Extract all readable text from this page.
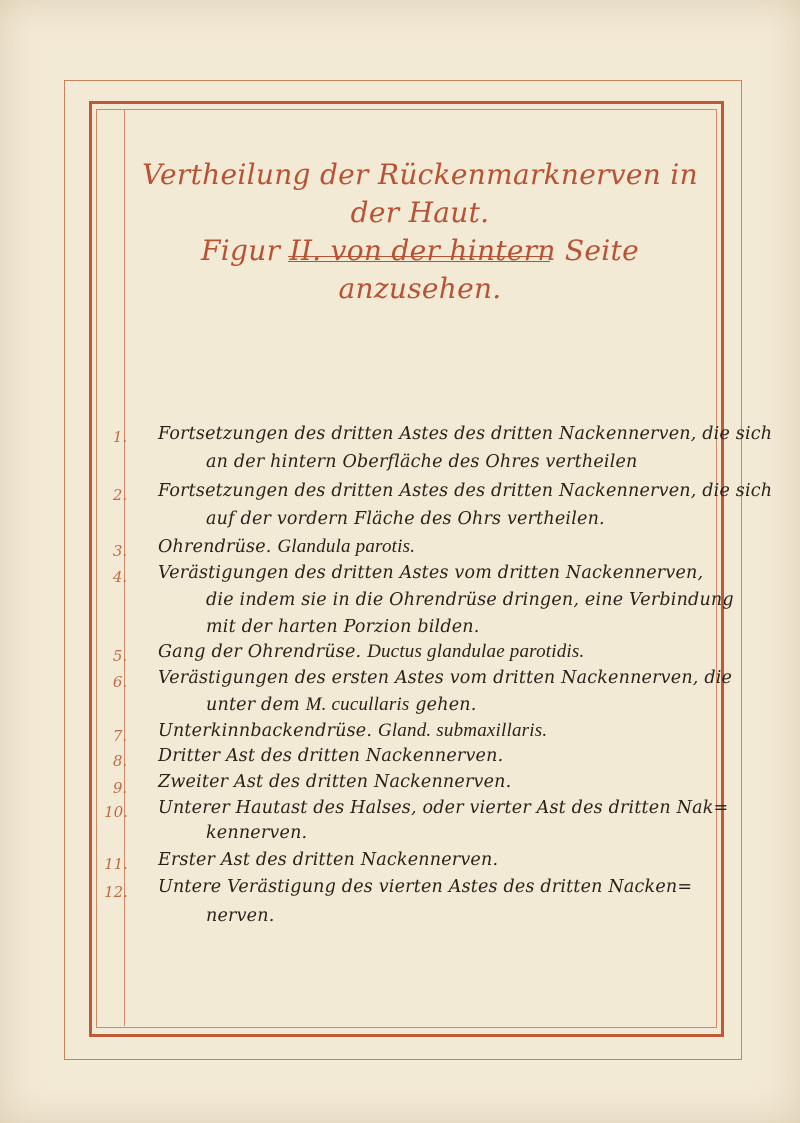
Vertheilung der Rückenmarknerven in der Haut.
Figur II. von der hintern Seite anzusehen.
1.	Fortsetzungen des dritten Astes des dritten Nackennerven, die sich
an der hintern Oberfläche des Ohres vertheilen
2.	Fortsetzungen des dritten Astes des dritten Nackennerven, die sich
auf der vordern Fläche des Ohrs vertheilen.
3.	Ohrendrüse. Glandula parotis.
4.	Verästigungen des dritten Astes vom dritten Nackennerven,
die indem sie in die Ohrendrüse dringen, eine Verbindung
mit der harten Porzion bilden.
5.	Gang der Ohrendrüse. Ductus glandulae parotidis.
6.	Verästigungen des ersten Astes vom dritten Nackennerven, die
unter dem M. cucullaris gehen.
7.	Unterkinnbackendrüse. Gland. submaxillaris.
8.	Dritter Ast des dritten Nackennerven.
9.	Zweiter Ast des dritten Nackennerven.
10.	Unterer Hautast des Halses, oder vierter Ast des dritten Nak=
kennerven.
11.	Erster Ast des dritten Nackennerven.
12.	Untere Verästigung des vierten Astes des dritten Nacken=
nerven.
